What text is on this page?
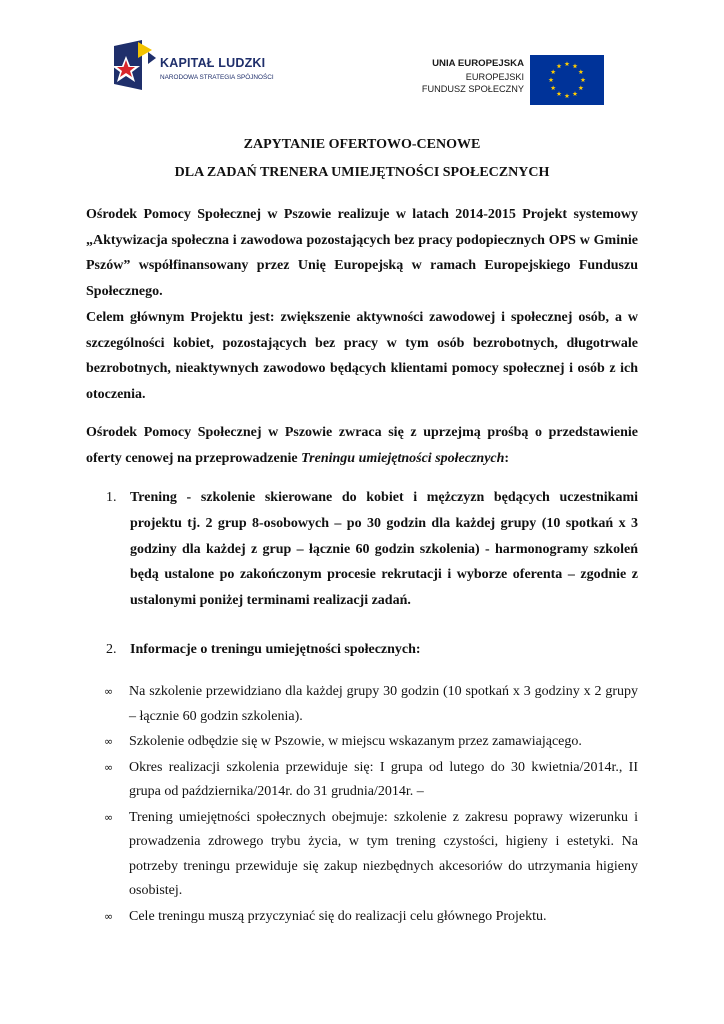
KAPITAŁ LUDZKI
NARODOWA STRATEGIA SPÓJNOŚCI
UNIA EUROPEJSKA
EUROPEJSKI
FUNDUSZ SPOŁECZNY
ZAPYTANIE OFERTOWO-CENOWE
DLA ZADAŃ TRENERA UMIEJĘTNOŚCI SPOŁECZNYCH
Ośrodek Pomocy Społecznej w Pszowie realizuje w latach 2014-2015 Projekt systemowy „Aktywizacja społeczna i zawodowa pozostających bez pracy podopiecznych OPS w Gminie Pszów” współfinansowany przez Unię Europejską w ramach Europejskiego Funduszu Społecznego.
Celem głównym Projektu jest: zwiększenie aktywności zawodowej i społecznej osób, a w szczególności kobiet, pozostających bez pracy w tym osób bezrobotnych, długotrwale bezrobotnych, nieaktywnych zawodowo będących klientami pomocy społecznej i osób z ich otoczenia.
Ośrodek Pomocy Społecznej w Pszowie zwraca się z uprzejmą prośbą o przedstawienie oferty cenowej na przeprowadzenie Treningu umiejętności społecznych:
1. Trening - szkolenie skierowane do kobiet i mężczyzn będących uczestnikami projektu tj. 2 grup 8-osobowych – po 30 godzin dla każdej grupy (10 spotkań x 3 godziny dla każdej z grup – łącznie 60 godzin szkolenia) - harmonogramy szkoleń będą ustalone po zakończonym procesie rekrutacji i wyborze oferenta – zgodnie z ustalonymi poniżej terminami realizacji zadań.
2. Informacje o treningu umiejętności społecznych:
∞ Na szkolenie przewidziano dla każdej grupy 30 godzin (10 spotkań x 3 godziny x 2 grupy – łącznie 60 godzin szkolenia).
∞ Szkolenie odbędzie się w Pszowie, w miejscu wskazanym przez zamawiającego.
∞ Okres realizacji szkolenia przewiduje się: I grupa od lutego do 30 kwietnia/2014r., II grupa od października/2014r. do 31 grudnia/2014r. –
∞ Trening umiejętności społecznych obejmuje: szkolenie z zakresu poprawy wizerunku i prowadzenia zdrowego trybu życia, w tym trening czystości, higieny i estetyki. Na potrzeby treningu przewiduje się zakup niezbędnych akcesoriów do utrzymania higieny osobistej.
∞ Cele treningu muszą przyczyniać się do realizacji celu głównego Projektu.
